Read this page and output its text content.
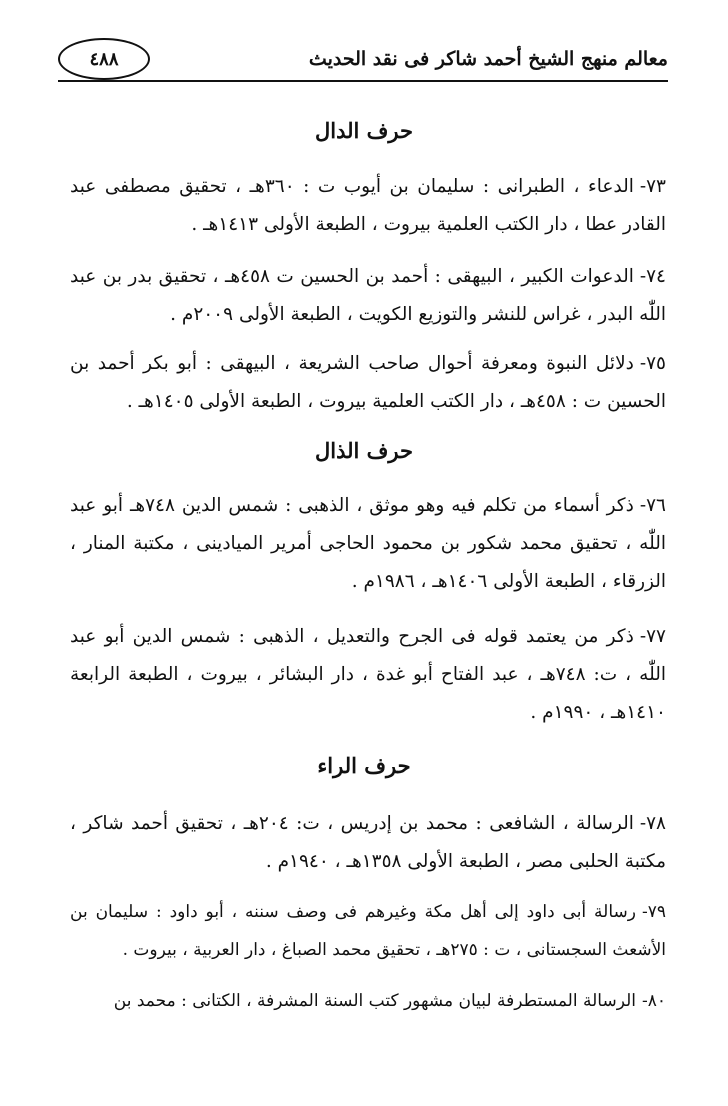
معالم منهج الشيخ أحمد شاكر فى نقد الحديث
٤٨٨
حرف الدال
٧٣-الدعاء ، الطبرانى : سليمان بن أيوب ت : ٣٦٠هـ ، تحقيق مصطفى عبد القادر عطا ، دار الكتب العلمية بيروت ، الطبعة الأولى ١٤١٣هـ .
٧٤-الدعوات الكبير ، البيهقى : أحمد بن الحسين ت ٤٥٨هـ ، تحقيق بدر بن عبد اللّٰه البدر ، غراس للنشر والتوزيع الكويت ، الطبعة الأولى ٢٠٠٩م .
٧٥-دلائل النبوة ومعرفة أحوال صاحب الشريعة ، البيهقى : أبو بكر أحمد بن الحسين ت : ٤٥٨هـ ، دار الكتب العلمية بيروت ، الطبعة الأولى ١٤٠٥هـ .
حرف الذال
٧٦-ذكر أسماء من تكلم فيه وهو موثق ، الذهبى : شمس الدين ٧٤٨هـ أبو عبد اللّٰه ، تحقيق محمد شكور بن محمود الحاجى أمرير الميادينى ، مكتبة المنار ، الزرقاء ، الطبعة الأولى ١٤٠٦هـ ، ١٩٨٦م .
٧٧-ذكر من يعتمد قوله فى الجرح والتعديل ، الذهبى : شمس الدين أبو عبد اللّٰه ، ت: ٧٤٨هـ ، عبد الفتاح أبو غدة ، دار البشائر ، بيروت ، الطبعة الرابعة ١٤١٠هـ ، ١٩٩٠م .
حرف الراء
٧٨-الرسالة ، الشافعى : محمد بن إدريس ، ت: ٢٠٤هـ ، تحقيق أحمد شاكر ، مكتبة الحلبى مصر ، الطبعة الأولى ١٣٥٨هـ ، ١٩٤٠م .
٧٩-رسالة أبى داود إلى أهل مكة وغيرهم فى وصف سننه ، أبو داود : سليمان بن الأشعث السجستانى ، ت : ٢٧٥هـ ، تحقيق محمد الصباغ ، دار العربية ، بيروت .
٨٠-الرسالة المستطرفة لبيان مشهور كتب السنة المشرفة ، الكتانى : محمد بن
